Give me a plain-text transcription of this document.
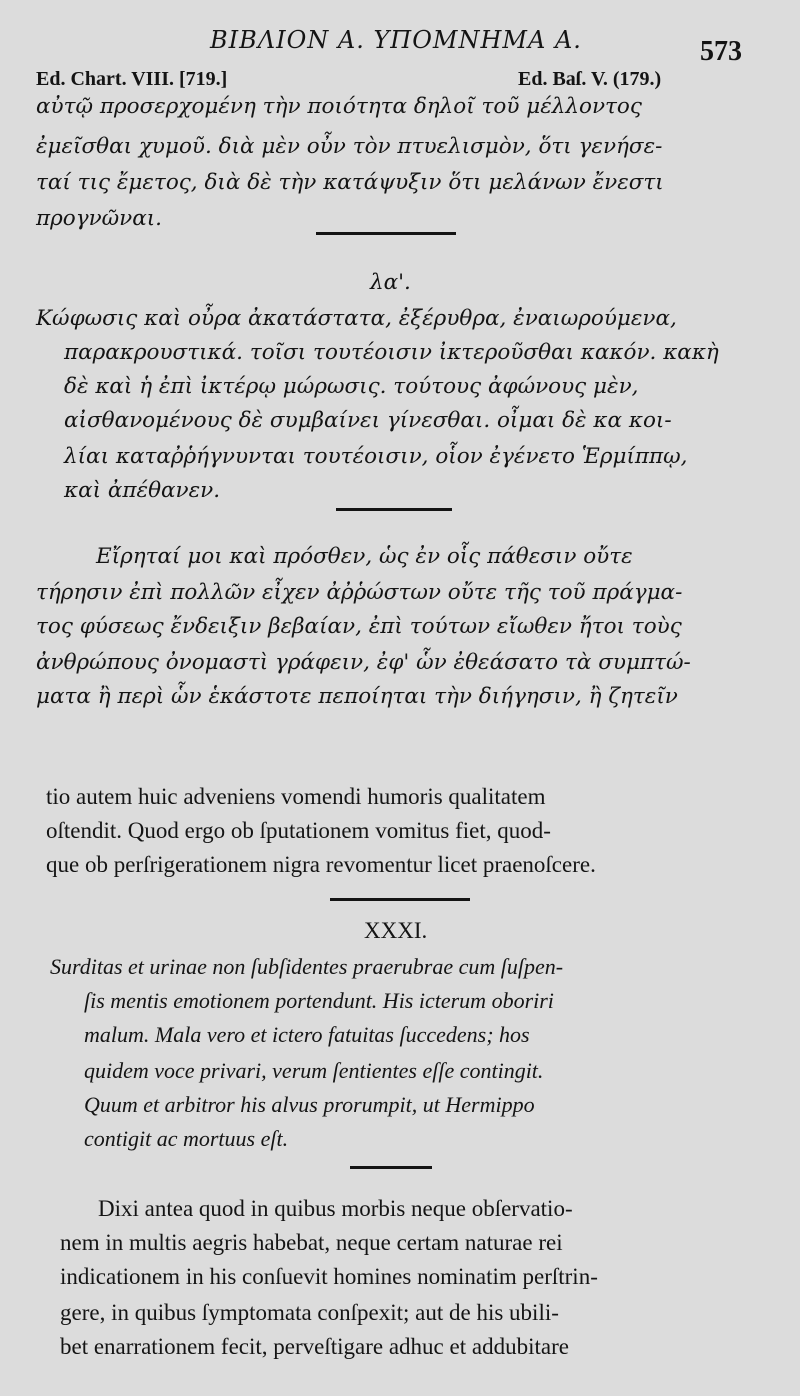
ΒΙΒΛΙΟΝ Α. ΥΠΟΜΝΗΜΑ Α.	573
Ed. Chart. VIII. [719.]	Ed. Baſ. V. (179.)
αὐτῷ προσερχομένη τὴν ποιότητα δηλοῖ τοῦ μέλλοντος
ἐμεῖσθαι χυμοῦ. διὰ μὲν οὖν τὸν πτυελισμὸν, ὅτι γενήσε-
ταί τις ἔμετος, διὰ δὲ τὴν κατάψυξιν ὅτι μελάνων ἔνεστι
προγνῶναι.
λα'.
Κώφωσις καὶ οὖρα ἀκατάστατα, ἐξέρυθρα, ἐναιωρούμενα,
παρακρουστικά. τοῖσι τουτέοισιν ἰκτεροῦσθαι κακόν. κακὴ
δὲ καὶ ἡ ἐπὶ ἰκτέρῳ μώρωσις. τούτους ἀφώνους μὲν,
αἰσθανομένους δὲ συμβαίνει γίνεσθαι. οἶμαι δὲ κα κοι-
λίαι καταῤῥήγνυνται τουτέοισιν, οἷον ἐγένετο Ἑρμίππῳ,
καὶ ἀπέθανεν.
Εἴρηταί μοι καὶ πρόσθεν, ὡς ἐν οἷς πάθεσιν οὔτε
τήρησιν ἐπὶ πολλῶν εἶχεν ἀῤῥώστων οὔτε τῆς τοῦ πράγμα-
τος φύσεως ἔνδειξιν βεβαίαν, ἐπὶ τούτων εἴωθεν ἤτοι τοὺς
ἀνθρώπους ὀνομαστὶ γράφειν, ἐφ' ὧν ἐθεάσατο τὰ συμπτώ-
ματα ἢ περὶ ὧν ἑκάστοτε πεποίηται τὴν διήγησιν, ἢ ζητεῖν
tio autem huic adveniens vomendi humoris qualitatem
oſtendit. Quod ergo ob ſputationem vomitus fiet, quod-
que ob perſrigerationem nigra revomentur licet praenoſcere.
XXXI.
Surditas et urinae non ſubſidentes praerubrae cum ſuſpen-
ſis mentis emotionem portendunt. His icterum oboriri
malum. Mala vero et ictero fatuitas ſuccedens; hos
quidem voce privari, verum ſentientes eſſe contingit.
Quum et arbitror his alvus prorumpit, ut Hermippo
contigit ac mortuus eſt.
Dixi antea quod in quibus morbis neque obſervatio-
nem in multis aegris habebat, neque certam naturae rei
indicationem in his conſuevit homines nominatim perſtrin-
gere, in quibus ſymptomata conſpexit; aut de his ubili-
bet enarrationem fecit, perveſtigare adhuc et addubitare
